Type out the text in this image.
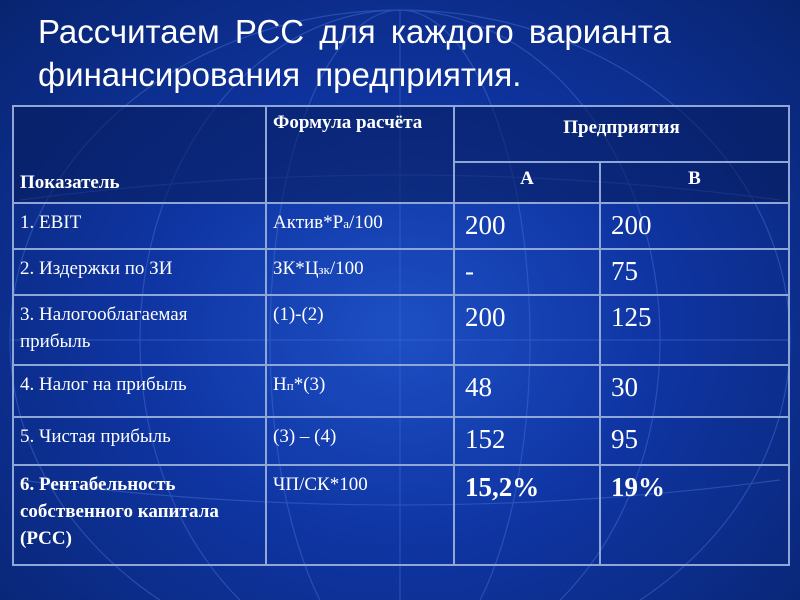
Рассчитаем РСС для каждого варианта финансирования предприятия.
Показатель	Формула расчёта	Предприятия	
		А	В
1. EBIT	Актив*Ра/100	200	200
2. Издержки по ЗИ	ЗК*Цзк/100	-	75
3. Налогооблагаемая прибыль	(1)-(2)	200	125
4. Налог на прибыль	Нп*(3)	48	30
5. Чистая прибыль	(3) – (4)	152	95
6. Рентабельность собственного капитала (РСС)	ЧП/СК*100	15,2%	19%
